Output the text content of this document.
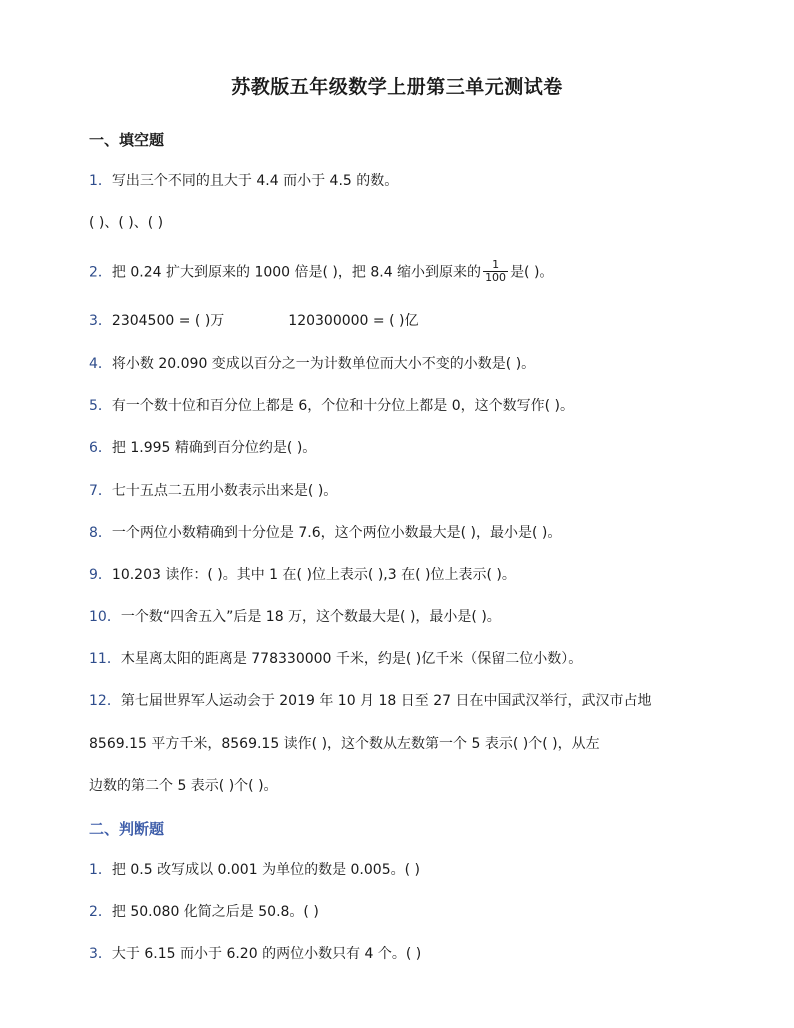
苏教版五年级数学上册第三单元测试卷
一、填空题
1．写出三个不同的且大于 4.4 而小于 4.5 的数。
( )、( )、( )
2．把 0.24 扩大到原来的 1000 倍是( )，把 8.4 缩小到原来的 $\frac{1}{100}$ 是( )。
3．2304500 = ( )万	120300000 = ( )亿
4．将小数 20.090 变成以百分之一为计数单位而大小不变的小数是( )。
5．有一个数十位和百分位上都是 6，个位和十分位上都是 0，这个数写作( )。
6．把 1.995 精确到百分位约是( )。
7．七十五点二五用小数表示出来是( )。
8．一个两位小数精确到十分位是 7.6，这个两位小数最大是( )，最小是( )。
9．10.203 读作：( )。其中 1 在( )位上表示( ),3 在( )位上表示( )。
10．一个数“四舍五入”后是 18 万，这个数最大是( )，最小是( )。
11．木星离太阳的距离是 778330000 千米，约是( )亿千米（保留二位小数）。
12．第七届世界军人运动会于 2019 年 10 月 18 日至 27 日在中国武汉举行，武汉市占地
8569.15 平方千米，8569.15 读作( )，这个数从左数第一个 5 表示( )个( )，从左
边数的第二个 5 表示( )个( )。
二、判断题
1．把 0.5 改写成以 0.001 为单位的数是 0.005。( )
2．把 50.080 化简之后是 50.8。( )
3．大于 6.15 而小于 6.20 的两位小数只有 4 个。( )
